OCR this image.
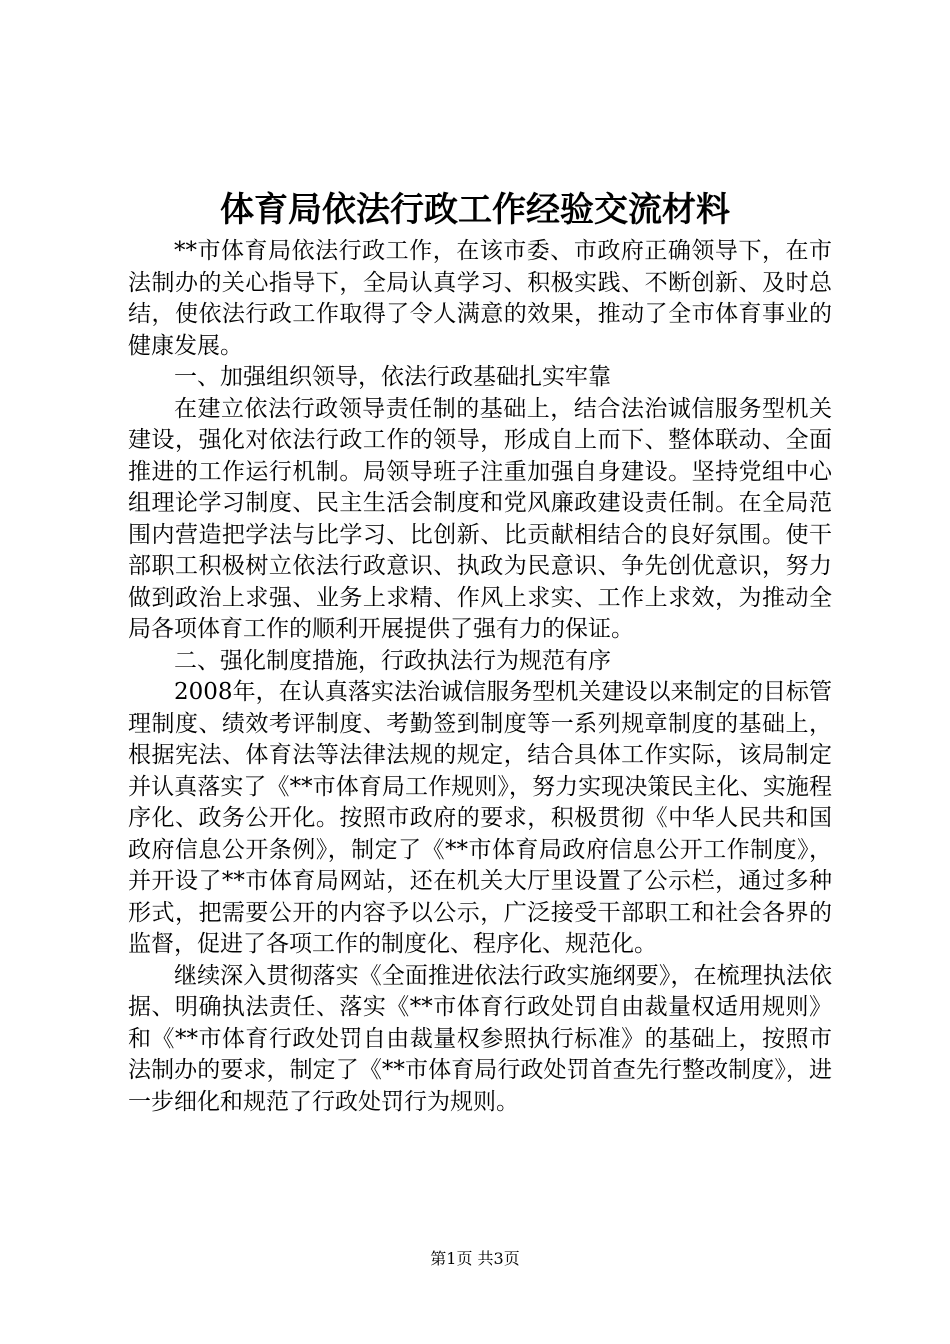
体育局依法行政工作经验交流材料

**市体育局依法行政工作，在该市委、市政府正确领导下，在市法制办的关心指导下，全局认真学习、积极实践、不断创新、及时总结，使依法行政工作取得了令人满意的效果，推动了全市体育事业的健康发展。

一、加强组织领导，依法行政基础扎实牢靠

在建立依法行政领导责任制的基础上，结合法治诚信服务型机关建设，强化对依法行政工作的领导，形成自上而下、整体联动、全面推进的工作运行机制。局领导班子注重加强自身建设。坚持党组中心组理论学习制度、民主生活会制度和党风廉政建设责任制。在全局范围内营造把学法与比学习、比创新、比贡献相结合的良好氛围。使干部职工积极树立依法行政意识、执政为民意识、争先创优意识，努力做到政治上求强、业务上求精、作风上求实、工作上求效，为推动全局各项体育工作的顺利开展提供了强有力的保证。

二、强化制度措施，行政执法行为规范有序

2008年，在认真落实法治诚信服务型机关建设以来制定的目标管理制度、绩效考评制度、考勤签到制度等一系列规章制度的基础上，根据宪法、体育法等法律法规的规定，结合具体工作实际，该局制定并认真落实了《**市体育局工作规则》，努力实现决策民主化、实施程序化、政务公开化。按照市政府的要求，积极贯彻《中华人民共和国政府信息公开条例》，制定了《**市体育局政府信息公开工作制度》，并开设了**市体育局网站，还在机关大厅里设置了公示栏，通过多种形式，把需要公开的内容予以公示，广泛接受干部职工和社会各界的监督，促进了各项工作的制度化、程序化、规范化。

继续深入贯彻落实《全面推进依法行政实施纲要》，在梳理执法依据、明确执法责任、落实《**市体育行政处罚自由裁量权适用规则》和《**市体育行政处罚自由裁量权参照执行标准》的基础上，按照市法制办的要求，制定了《**市体育局行政处罚首查先行整改制度》，进一步细化和规范了行政处罚行为规则。

第1页 共3页
